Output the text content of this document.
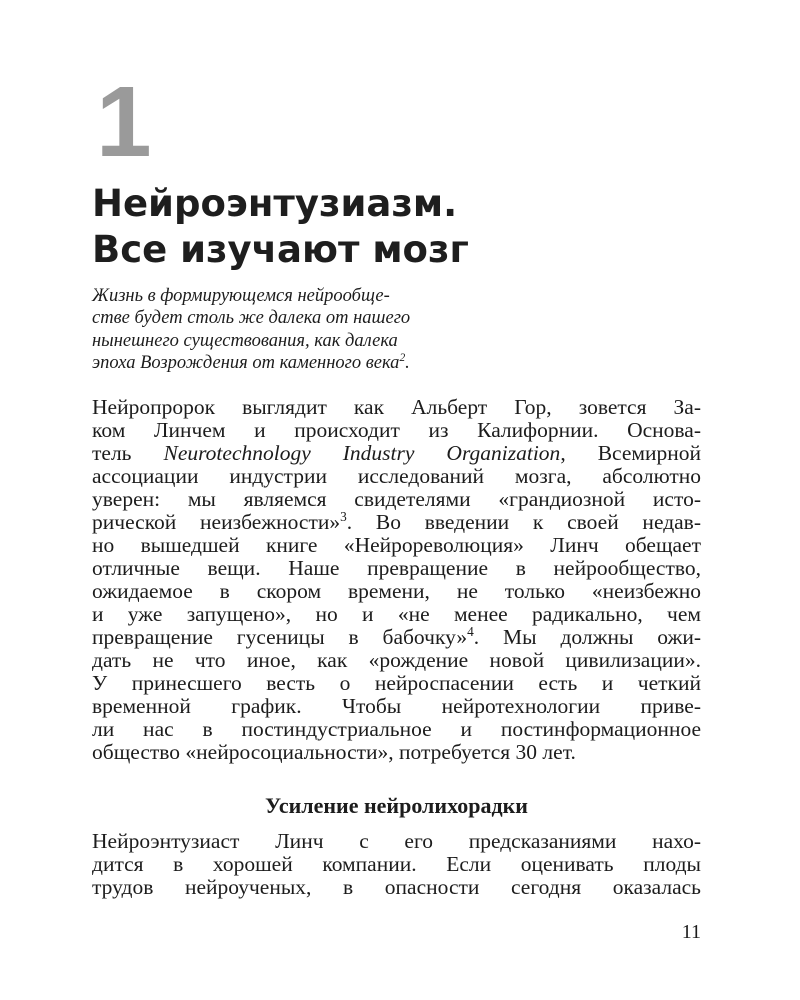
1
Нейроэнтузиазм.
Все изучают мозг

Жизнь в формирующемся нейрообще-
стве будет столь же далека от нашего
нынешнего существования, как далека
эпоха Возрождения от каменного века$^2$.

Нейропророк выглядит как Альберт Гор, зовется За-
ком Линчем и происходит из Калифорнии. Основа-
тель Neurotechnology Industry Organization, Всемирной
ассоциации индустрии исследований мозга, абсолютно
уверен: мы являемся свидетелями «грандиозной исто-
рической неизбежности»$^3$. Во введении к своей недав-
но вышедшей книге «Нейрореволюция» Линч обещает
отличные вещи. Наше превращение в нейрообщество,
ожидаемое в скором времени, не только «неизбежно
и уже запущено», но и «не менее радикально, чем
превращение гусеницы в бабочку»$^4$. Мы должны ожи-
дать не что иное, как «рождение новой цивилизации».
У принесшего весть о нейроспасении есть и четкий
временной график. Чтобы нейротехнологии приве-
ли нас в постиндустриальное и постинформационное
общество «нейросоциальности», потребуется 30 лет.

Усиление нейролихорадки

Нейроэнтузиаст Линч с его предсказаниями нахо-
дится в хорошей компании. Если оценивать плоды
трудов нейроученых, в опасности сегодня оказалась

11
